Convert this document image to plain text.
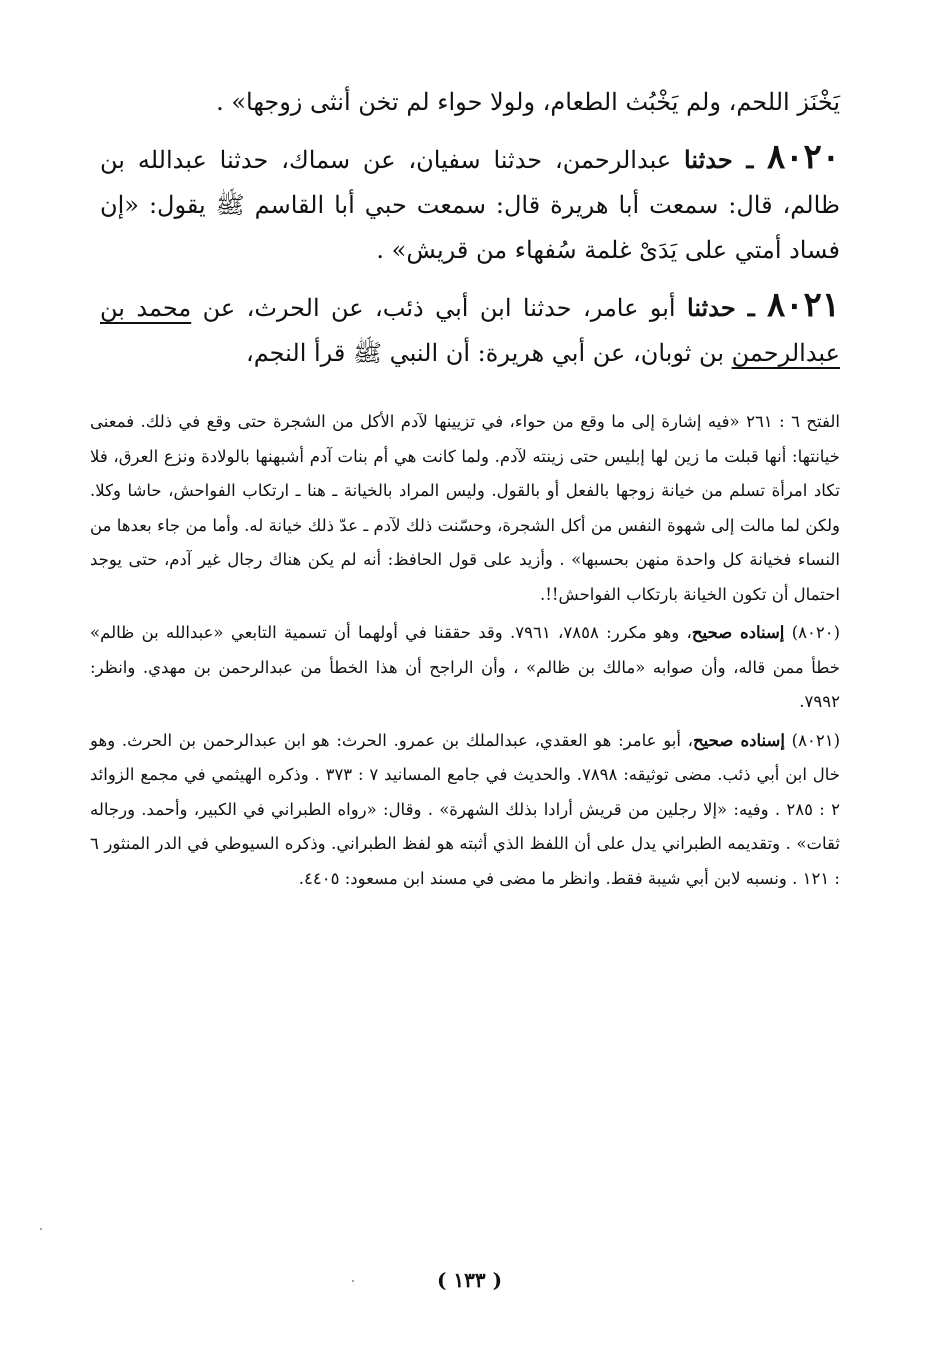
يَخْنَز اللحم، ولم يَخْبُث الطعام، ولولا حواء لم تخن أنثى زوجها» .

٨٠٢٠ ـ حدثنا عبدالرحمن، حدثنا سفيان، عن سماك، حدثنا عبدالله بن ظالم، قال: سمعت أبا هريرة قال: سمعت حبي أبا القاسم ﷺ يقول: «إن فساد أمتي على يَدَىْ غلمة سُفهاء من قريش» .

٨٠٢١ ـ حدثنا أبو عامر، حدثنا ابن أبي ذئب، عن الحرث، عن محمد بن عبدالرحمن بن ثوبان، عن أبي هريرة: أن النبي ﷺ قرأ النجم،

الفتح ٦ : ٢٦١ «فيه إشارة إلى ما وقع من حواء، في تزيينها لآدم الأكل من الشجرة حتى وقع في ذلك. فمعنى خيانتها: أنها قبلت ما زين لها إبليس حتى زينته لآدم. ولما كانت هي أم بنات آدم أشبهنها بالولادة ونزع العرق، فلا تكاد امرأة تسلم من خيانة زوجها بالفعل أو بالقول. وليس المراد بالخيانة ـ هنا ـ ارتكاب الفواحش، حاشا وكلا. ولكن لما مالت إلى شهوة النفس من أكل الشجرة، وحسّنت ذلك لآدم ـ عدّ ذلك خيانة له. وأما من جاء بعدها من النساء فخيانة كل واحدة منهن بحسبها» . وأزيد على قول الحافظ: أنه لم يكن هناك رجال غير آدم، حتى يوجد احتمال أن تكون الخيانة بارتكاب الفواحش!!.

(٨٠٢٠) إسناده صحيح، وهو مكرر: ٧٨٥٨، ٧٩٦١. وقد حققنا في أولهما أن تسمية التابعي «عبدالله بن ظالم» خطأ ممن قاله، وأن صوابه «مالك بن ظالم» ، وأن الراجح أن هذا الخطأ من عبدالرحمن بن مهدي. وانظر: ٧٩٩٢.

(٨٠٢١) إسناده صحيح، أبو عامر: هو العقدي، عبدالملك بن عمرو. الحرث: هو ابن عبدالرحمن بن الحرث. وهو خال ابن أبي ذئب. مضى توثيقه: ٧٨٩٨. والحديث في جامع المسانيد ٧ : ٣٧٣ . وذكره الهيثمي في مجمع الزوائد ٢ : ٢٨٥ . وفيه: «إلا رجلين من قريش أرادا بذلك الشهرة» . وقال: «رواه الطبراني في الكبير، وأحمد. ورجاله ثقات» . وتقديمه الطبراني يدل على أن اللفظ الذي أثبته هو لفظ الطبراني. وذكره السيوطي في الدر المنثور ٦ : ١٢١ . ونسبه لابن أبي شيبة فقط. وانظر ما مضى في مسند ابن مسعود: ٤٤٠٥.

( ١٣٣ )
